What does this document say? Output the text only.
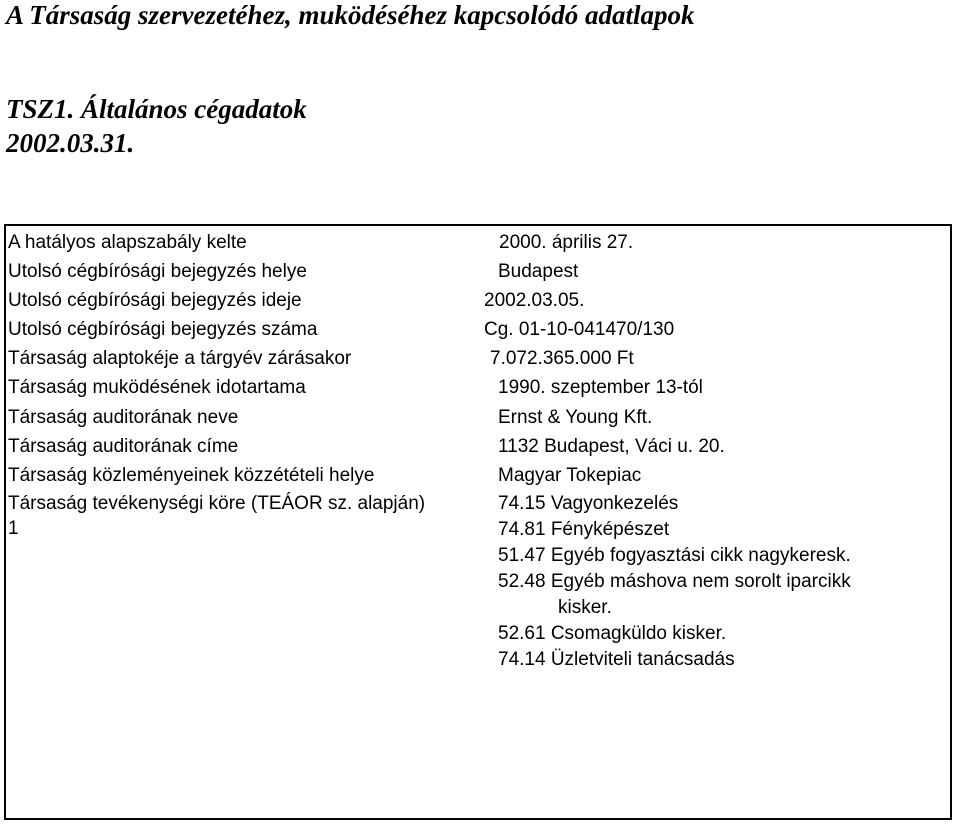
A Társaság szervezetéhez, muködéséhez kapcsolódó adatlapok
TSZ1. Általános cégadatok
2002.03.31.
A hatályos alapszabály kelte	2000. április 27.
Utolsó cégbírósági bejegyzés helye	Budapest
Utolsó cégbírósági bejegyzés ideje	2002.03.05.
Utolsó cégbírósági bejegyzés száma	Cg. 01-10-041470/130
Társaság alaptokéje a tárgyév zárásakor	7.072.365.000 Ft
Társaság muködésének idotartama	1990. szeptember 13-tól
Társaság auditorának neve	Ernst & Young Kft.
Társaság auditorának címe	1132 Budapest, Váci u. 20.
Társaság közleményeinek közzétételi helye	Magyar Tokepiac
Társaság tevékenységi köre (TEÁOR sz. alapján) 1
74.15 Vagyonkezelés
74.81 Fényképészet
51.47 Egyéb fogyasztási cikk nagykeresk.
52.48 Egyéb máshova nem sorolt iparcikk
kisker.
52.61 Csomagküldo kisker.
74.14 Üzletviteli tanácsadás
